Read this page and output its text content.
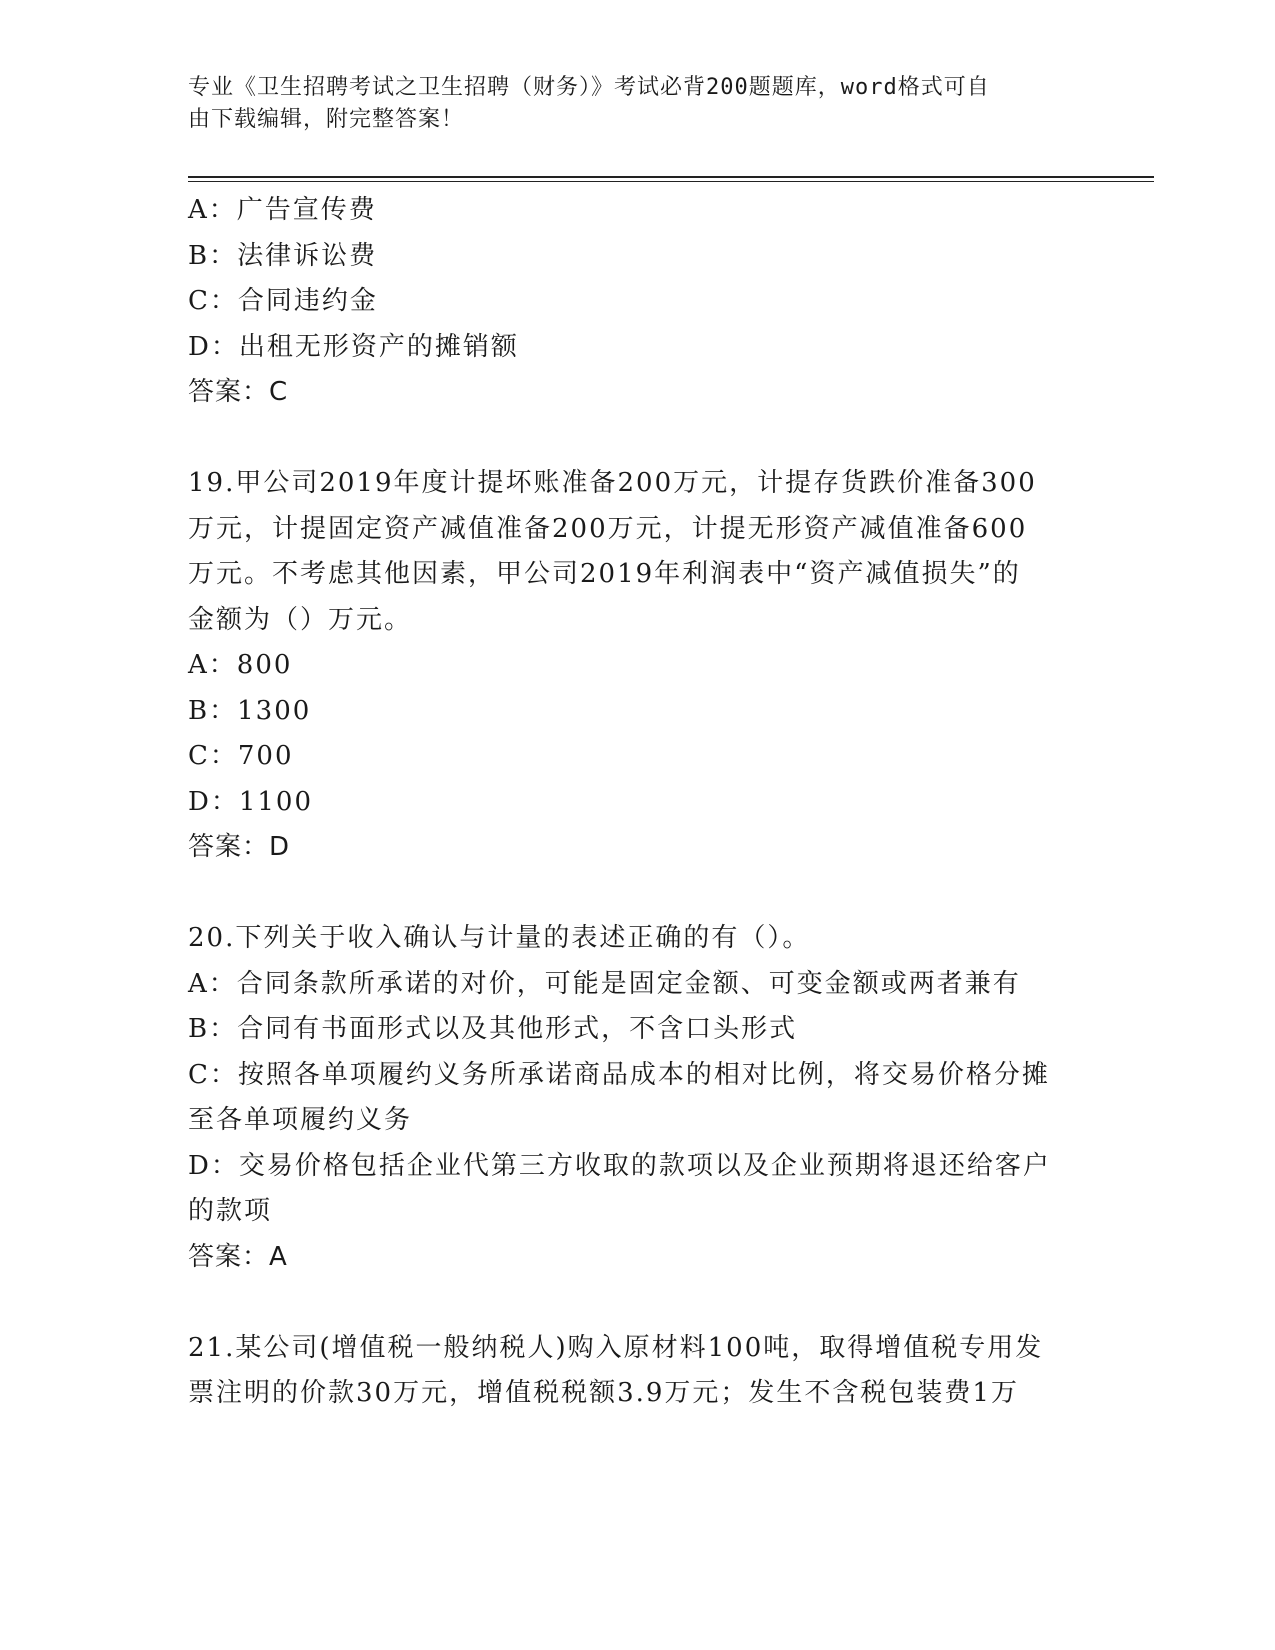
专业《卫生招聘考试之卫生招聘（财务）》考试必背200题题库，word格式可自
由下载编辑，附完整答案！
A：广告宣传费
B：法律诉讼费
C：合同违约金
D：出租无形资产的摊销额
答案：C
19.甲公司2019年度计提坏账准备200万元，计提存货跌价准备300
万元，计提固定资产减值准备200万元，计提无形资产减值准备600
万元。不考虑其他因素，甲公司2019年利润表中“资产减值损失”的
金额为（）万元。
A：800
B：1300
C：700
D：1100
答案：D
20.下列关于收入确认与计量的表述正确的有（）。
A：合同条款所承诺的对价，可能是固定金额、可变金额或两者兼有
B：合同有书面形式以及其他形式，不含口头形式
C：按照各单项履约义务所承诺商品成本的相对比例，将交易价格分摊
至各单项履约义务
D：交易价格包括企业代第三方收取的款项以及企业预期将退还给客户
的款项
答案：A
21.某公司(增值税一般纳税人)购入原材料100吨，取得增值税专用发
票注明的价款30万元，增值税税额3.9万元；发生不含税包装费1万
